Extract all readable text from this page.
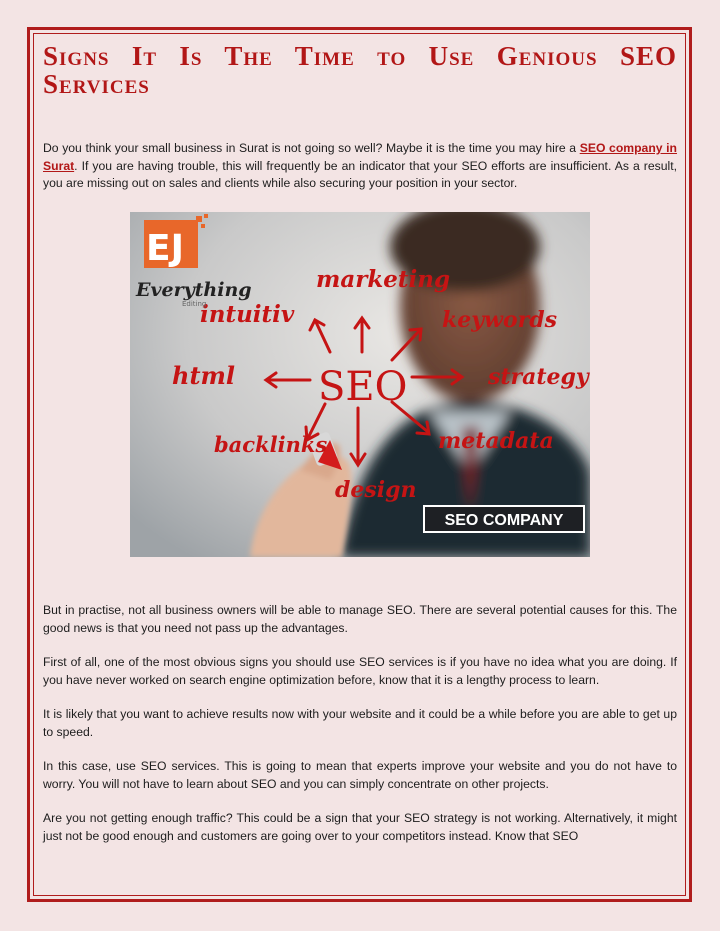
Signs It Is The Time to Use Genious SEO
Services

Do you think your small business in Surat is not going so well? Maybe it is the time you may hire a SEO company in Surat. If you are having trouble, this will frequently be an indicator that your SEO efforts are insufficient. As a result, you are missing out on sales and clients while also securing your position in your sector.

SEO
marketing
intuitiv	keywords
html	strategy
backlinks	metadata
design
EJ
Everything
Editing
SEO COMPANY

But in practise, not all business owners will be able to manage SEO. There are several potential causes for this. The good news is that you need not pass up the advantages.

First of all, one of the most obvious signs you should use SEO services is if you have no idea what you are doing. If you have never worked on search engine optimization before, know that it is a lengthy process to learn.

It is likely that you want to achieve results now with your website and it could be a while before you are able to get up to speed.

In this case, use SEO services. This is going to mean that experts improve your website and you do not have to worry. You will not have to learn about SEO and you can simply concentrate on other projects.

Are you not getting enough traffic? This could be a sign that your SEO strategy is not working. Alternatively, it might just not be good enough and customers are going over to your competitors instead. Know that SEO
